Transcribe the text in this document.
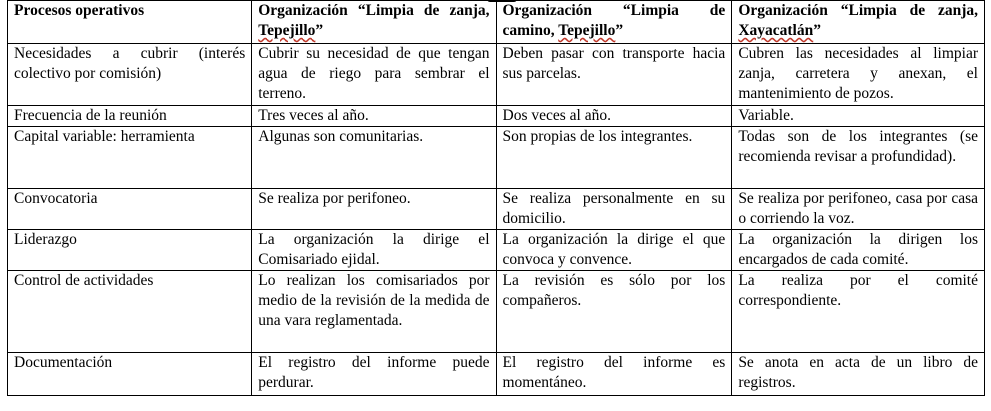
Procesos operativos	Organización “Limpia de zanja, Tepejillo”	Organización “Limpia de camino, Tepejillo”	Organización “Limpia de zanja, Xayacatlán”
Necesidades a cubrir (interés colectivo por comisión)	Cubrir su necesidad de que tengan agua de riego para sembrar el terreno.	Deben pasar con transporte hacia sus parcelas.	Cubren las necesidades al limpiar zanja, carretera y anexan, el mantenimiento de pozos.
Frecuencia de la reunión	Tres veces al año.	Dos veces al año.	Variable.
Capital variable: herramienta	Algunas son comunitarias.	Son propias de los integrantes.	Todas son de los integrantes (se recomienda revisar a profundidad).
Convocatoria	Se realiza por perifoneo.	Se realiza personalmente en su domicilio.	Se realiza por perifoneo, casa por casa o corriendo la voz.
Liderazgo	La organización la dirige el Comisariado ejidal.	La organización la dirige el que convoca y convence.	La organización la dirigen los encargados de cada comité.
Control de actividades	Lo realizan los comisariados por medio de la revisión de la medida de una vara reglamentada.	La revisión es sólo por los compañeros.	La realiza por el comité correspondiente.
Documentación	El registro del informe puede perdurar.	El registro del informe es momentáneo.	Se anota en acta de un libro de registros.
